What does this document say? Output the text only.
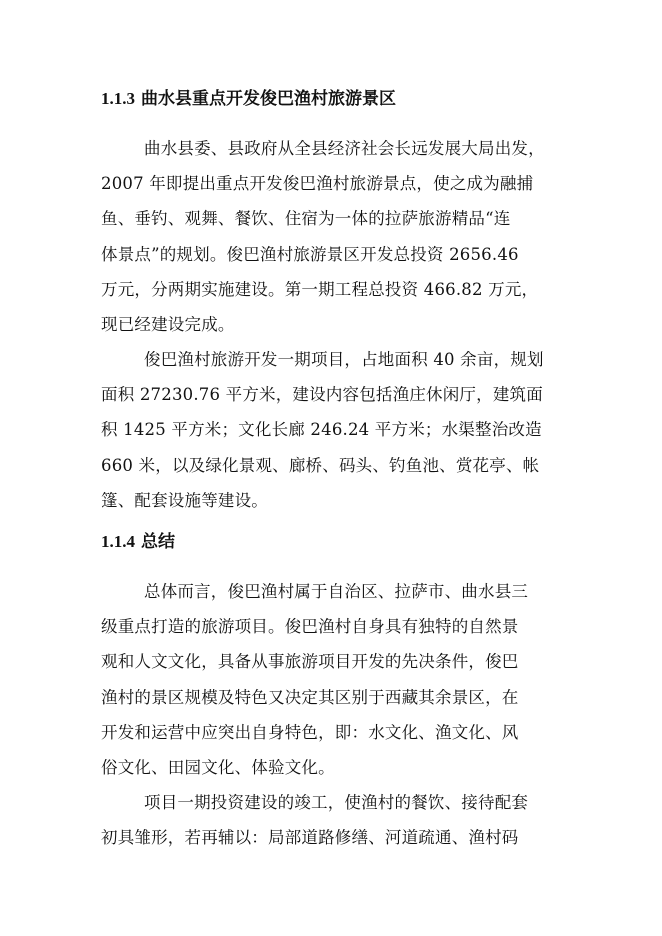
1.1.3 曲水县重点开发俊巴渔村旅游景区
曲水县委、县政府从全县经济社会长远发展大局出发，
2007 年即提出重点开发俊巴渔村旅游景点，使之成为融捕
鱼、垂钓、观舞、餐饮、住宿为一体的拉萨旅游精品“连
体景点”的规划。俊巴渔村旅游景区开发总投资 2656.46
万元，分两期实施建设。第一期工程总投资 466.82 万元，
现已经建设完成。
俊巴渔村旅游开发一期项目，占地面积 40 余亩，规划
面积 27230.76 平方米，建设内容包括渔庄休闲厅，建筑面
积 1425 平方米；文化长廊 246.24 平方米；水渠整治改造
660 米，以及绿化景观、廊桥、码头、钓鱼池、赏花亭、帐
篷、配套设施等建设。
1.1.4 总结
总体而言，俊巴渔村属于自治区、拉萨市、曲水县三
级重点打造的旅游项目。俊巴渔村自身具有独特的自然景
观和人文文化，具备从事旅游项目开发的先决条件，俊巴
渔村的景区规模及特色又决定其区别于西藏其余景区，在
开发和运营中应突出自身特色，即：水文化、渔文化、风
俗文化、田园文化、体验文化。
项目一期投资建设的竣工，使渔村的餐饮、接待配套
初具雏形，若再辅以：局部道路修缮、河道疏通、渔村码
